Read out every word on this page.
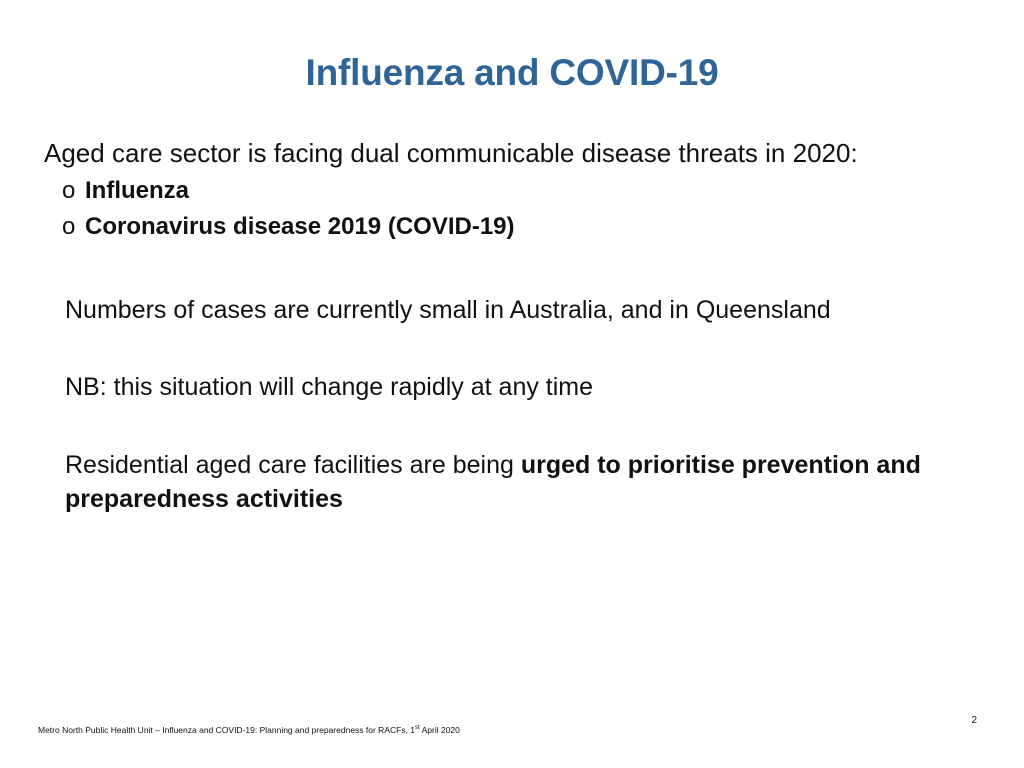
Influenza and COVID-19
Aged care sector is facing dual communicable disease threats in 2020:
o Influenza
o Coronavirus disease 2019 (COVID-19)
Numbers of cases are currently small in Australia, and in Queensland
NB: this situation will change rapidly at any time
Residential aged care facilities are being urged to prioritise prevention and preparedness activities
2
Metro North Public Health Unit – Influenza and COVID-19: Planning and preparedness for RACFs, 1st April 2020
